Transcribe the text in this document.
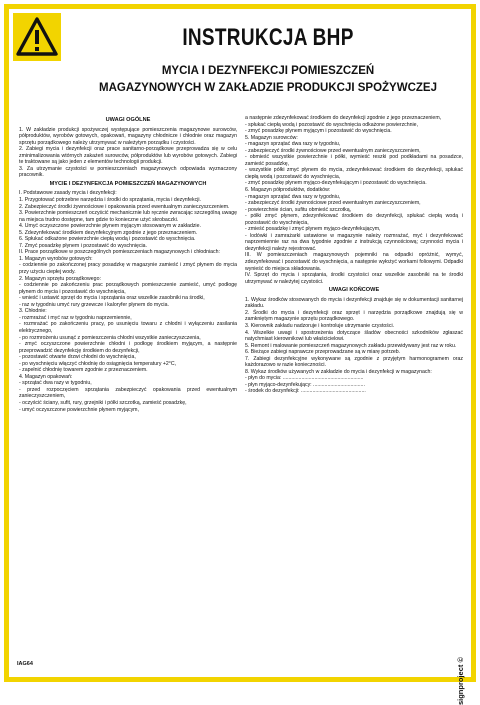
INSTRUKCJA BHP
MYCIA I DEZYNFEKCJI POMIESZCZEŃ
MAGAZYNOWYCH W ZAKŁADZIE PRODUKCJI SPOŻYWCZEJ
UWAGI OGÓLNE
1. W zakładzie produkcji spożywczej występujące pomieszczenia magazynowe surowców, półproduktów, wyrobów gotowych, opakowań, magazyny chłodnicze i chłodnie oraz magazyn sprzętu porządkowego należy utrzymywać w należytym porządku i czystości.
2. Zabiegi mycia i dezynfekcji oraz prace sanitarno-porządkowe przeprowadza się w celu zminimalizowania wtórnych zakażeń surowców, półproduktów lub wyrobów gotowych. Zabiegi te traktowane są jako jeden z elementów technologii produkcji.
3. Za utrzymanie czystości w pomieszczeniach magazynowych odpowiada wyznaczony pracownik.
MYCIE I DEZYNFEKCJA POMIESZCZEŃ MAGAZYNOWYCH
I. Podstawowe zasady mycia i dezynfekcji:
1. Przygotować potrzebne narzędzia i środki do sprzątania, mycia i dezynfekcji.
2. Zabezpieczyć środki żywnościowe i opakowania przed ewentualnym zanieczyszczeniem.
3. Powierzchnie pomieszczeń oczyścić mechanicznie lub ręcznie zwracając szczególną uwagę na miejsca trudno dostępne, tam gdzie to konieczne użyć skrobaczki.
4. Umyć oczyszczone powierzchnie płynem myjącym stosowanym w zakładzie.
5. Zdezynfekować środkiem dezynfekcyjnym zgodnie z jego przeznaczeniem.
6. Spłukać odkażone powierzchnie ciepłą wodą i pozostawić do wyschnięcia.
7. Zmyć posadzkę płynem i pozostawić do wyschnięcia.
II. Prace porządkowe w poszczególnych pomieszczeniach magazynowych i chłodniach:
1. Magazyn wyrobów gotowych:
- codziennie po zakończonej pracy posadzkę w magazynie zamieść i zmyć płynem do mycia przy użyciu ciepłej wody.
2. Magazyn sprzętu porządkowego:
- codziennie po zakończeniu prac porządkowych pomieszczenie zamieść, umyć podłogę płynem do mycia i pozostawić do wyschnięcia,
- wnieść i ustawić sprzęt do mycia i sprzątania oraz wszelkie zasobniki na środki,
- raz w tygodniu umyć rury grzewcze i kaloryfer płynem do mycia.
3. Chłodnie:
- rozmrażać i myć raz w tygodniu naprzemiennie,
- rozmrażać po zakończeniu pracy, po usunięciu towaru z chłodni i wyłączeniu zasilania elektrycznego,
- po rozmrożeniu usunąć z pomieszczenia chłodni wszystkie zanieczyszczenia,
- zmyć oczyszczone powierzchnie chłodni i podłogę środkiem myjącym, a następnie przeprowadzić dezynfekcję środkiem do dezynfekcji,
- pozostawić otwarte drzwi chłodni do wyschnięcia,
- po wyschnięciu włączyć chłodnię do osiągnięcia temperatury +2°C,
- zapełnić chłodnię towarem zgodnie z przeznaczeniem.
4. Magazyn opakowań:
- sprzątać dwa razy w tygodniu,
- przed rozpoczęciem sprzątania zabezpieczyć opakowania przed ewentualnym zanieczyszczeniem,
- oczyścić ściany, sufit, rury, grzejniki i półki szczotką, zamieść posadzkę,
- umyć oczyszczone powierzchnie płynem myjącym,
a następnie zdezynfekować środkiem do dezynfekcji zgodnie z jego przeznaczeniem,
- spłukać ciepłą wodą i pozostawić do wyschnięcia odkażone powierzchnie,
- zmyć posadzkę płynem myjącym i pozostawić do wyschnięcia.
5. Magazyn surowców:
- magazyn sprzątać dwa razy w tygodniu,
- zabezpieczyć środki żywnościowe przed ewentualnym zanieczyszczeniem,
- obmieść wszystkie powierzchnie i półki, wymieść reszki pod podkładami na posadzce, zamieść posadzkę,
- wszystkie półki zmyć płynem do mycia, zdezynfekować środkiem do dezynfekcji, spłukać ciepłą wodą i pozostawić do wyschnięcia,
- zmyć posadzkę płynem myjąco-dezynfekującym i pozostawić do wyschnięcia.
6. Magazyn półproduktów, dodatków:
- magazyn sprzątać dwa razy w tygodniu,
- zabezpieczyć środki żywnościowe przed ewentualnym zanieczyszczeniem,
- powierzchnie ścian, sufitu obmieść szczotką,
- półki zmyć płynem, zdezynfekować środkiem do dezynfekcji, spłukać ciepłą wodą i pozostawić do wyschnięcia,
- zmieść posadzkę i zmyć płynem myjąco-dezynfekującym,
- lodówki i zamrażarki ustawione w magazynie należy rozmrażać, myć i dezynfekować naprzemiennie raz na dwa tygodnie zgodnie z instrukcją czynnościową; czynności mycia i dezynfekcji należy rejestrować.
III. W pomieszczeniach magazynowych pojemniki na odpadki opróżnić, wymyć, zdezynfekować i pozostawić do wyschnięcia, a następnie wyłożyć workami foliowymi. Odpadki wynieść do miejsca składowania.
IV. Sprzęt do mycia i sprzątania, środki czystości oraz wszelkie zasobniki na te środki utrzymywać w należytej czystości.
UWAGI KOŃCOWE
1. Wykaz środków stosowanych do mycia i dezynfekcji znajduje się w dokumentacji sanitarnej zakładu.
2. Środki do mycia i dezynfekcji oraz sprzęt i narzędzia porządkowe znajdują się w zamkniętym magazynie sprzętu porządkowego.
3. Kierownik zakładu nadzoruje i kontroluje utrzymanie czystości.
4. Wszelkie uwagi i spostrzeżenia dotyczące śladów obecności szkodników zgłaszać natychmiast kierownikowi lub właścicielowi.
5. Remont i malowanie pomieszczeń magazynowych zakładu przewidywany jest raz w roku.
6. Bieżące zabiegi naprawcze przeprowadzane są w miarę potrzeb.
7. Zabiegi dezynfekcyjne wykonywane są zgodnie z przyjętym harmonogramem oraz każdorazowo w razie konieczności.
8. Wykaz środków używanych w zakładzie do mycia i dezynfekcji w magazynach:
- płyn do mycia: ........................................................
- płyn myjąco-dezynfekujący: ....................................
- środek do dezynfekcji: .............................................
IAG64	signproject ©
